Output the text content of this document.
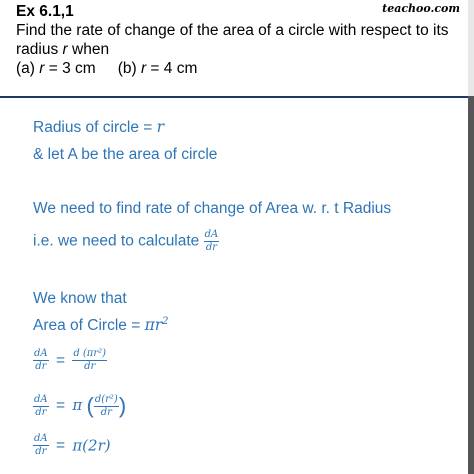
teachoo.com
Ex 6.1,1
Find the rate of change of the area of a circle with respect to its
radius r when
(a) r = 3 cm (b) r = 4 cm
Radius of circle = r
& let A be the area of circle
We need to find rate of change of Area w. r. t Radius
i.e. we need to calculate $\frac{dA}{dr}$
We know that
Area of Circle = $\pi r^2$
$\frac{dA}{dr} = \frac{\text{d (πr²)}}{dr}$
$\frac{dA}{dr} = \pi$ ( $\frac{\text{d(r²)}}{dr}$ )
$\frac{dA}{dr} = \pi(2r)$
